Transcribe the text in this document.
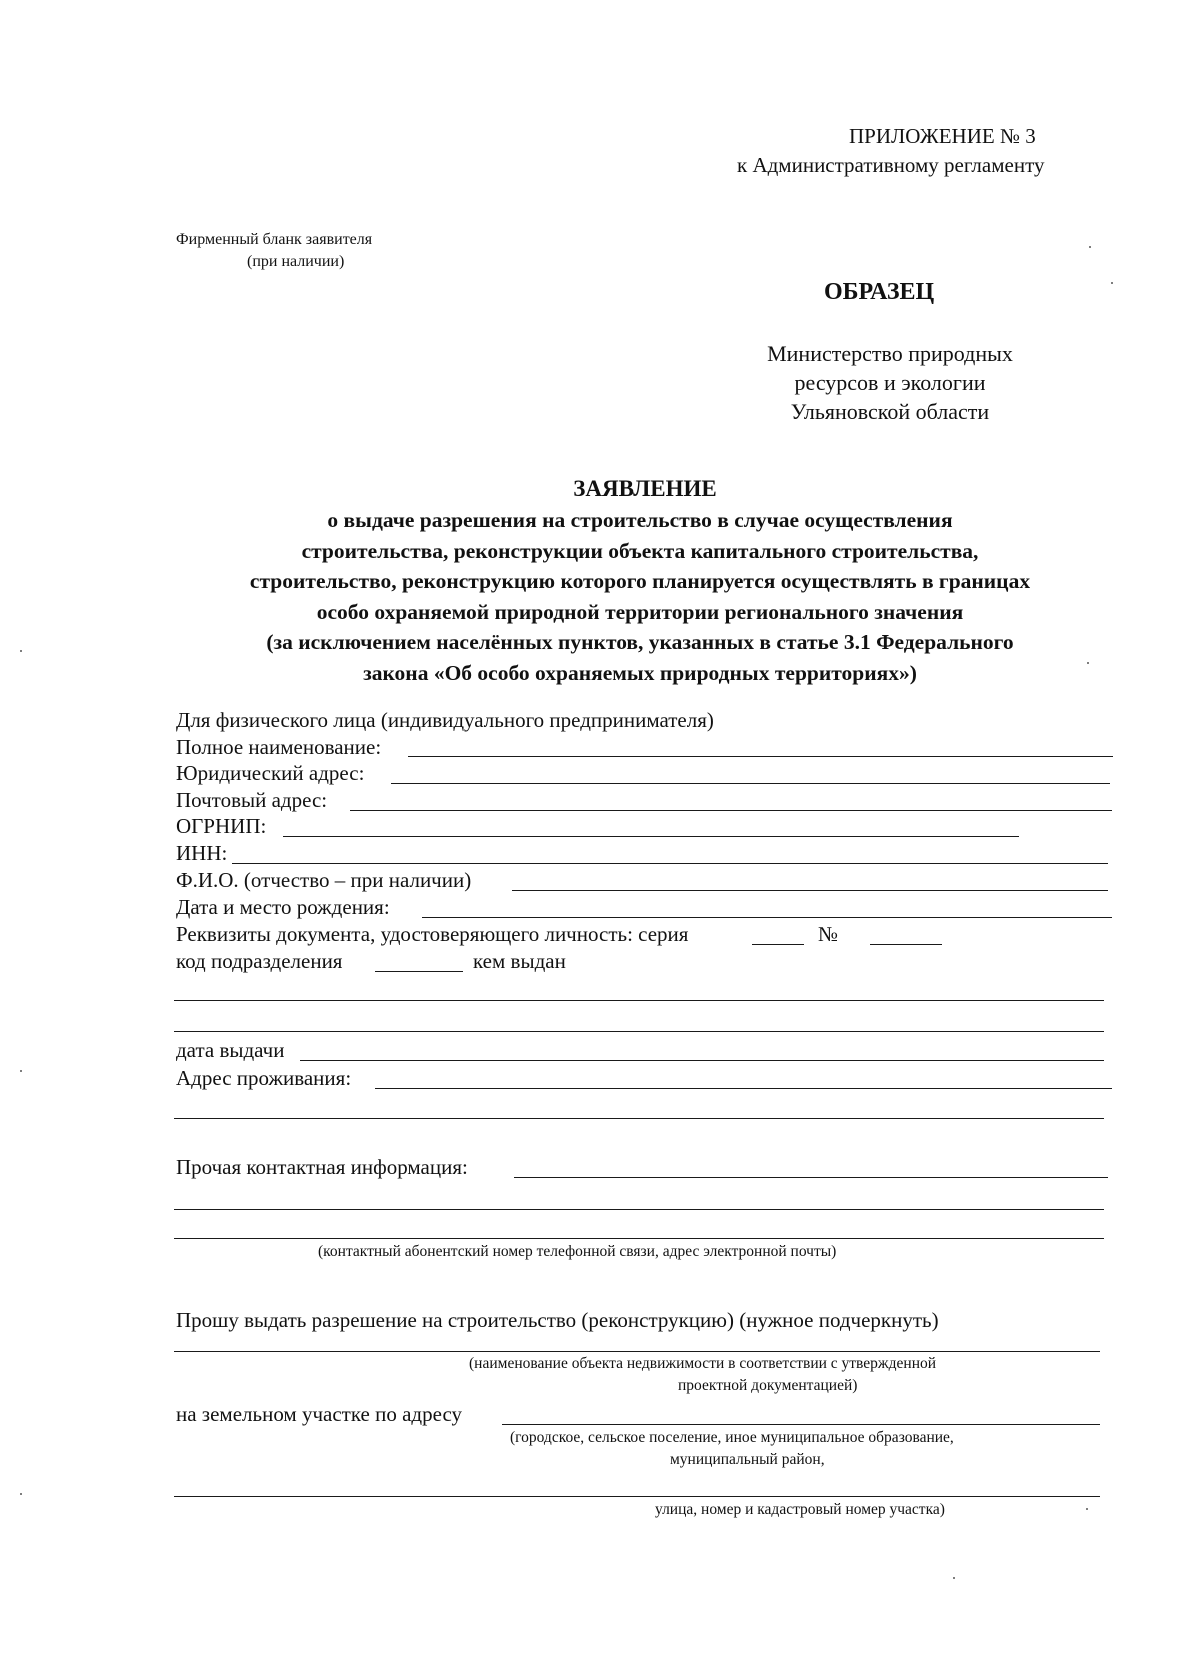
ПРИЛОЖЕНИЕ № 3
к Административному регламенту
Фирменный бланк заявителя
(при наличии)
ОБРАЗЕЦ
Министерство природных
ресурсов и экологии
Ульяновской области
ЗАЯВЛЕНИЕ
о выдаче разрешения на строительство в случае осуществления
строительства, реконструкции объекта капитального строительства,
строительство, реконструкцию которого планируется осуществлять в границах
особо охраняемой природной территории регионального значения
(за исключением населённых пунктов, указанных в статье 3.1 Федерального
закона «Об особо охраняемых природных территориях»)
Для физического лица (индивидуального предпринимателя)
Полное наименование:
Юридический адрес:
Почтовый адрес:
ОГРНИП:
ИНН:
Ф.И.О. (отчество – при наличии)
Дата и место рождения:
Реквизиты документа, удостоверяющего личность: серия	№
код подразделения	кем выдан
дата выдачи
Адрес проживания:
Прочая контактная информация:
(контактный абонентский номер телефонной связи, адрес электронной почты)
Прошу выдать разрешение на строительство (реконструкцию) (нужное подчеркнуть)
(наименование объекта недвижимости в соответствии с утвержденной
проектной документацией)
на земельном участке по адресу
(городское, сельское поселение, иное муниципальное образование,
муниципальный район,
улица, номер и кадастровый номер участка)
